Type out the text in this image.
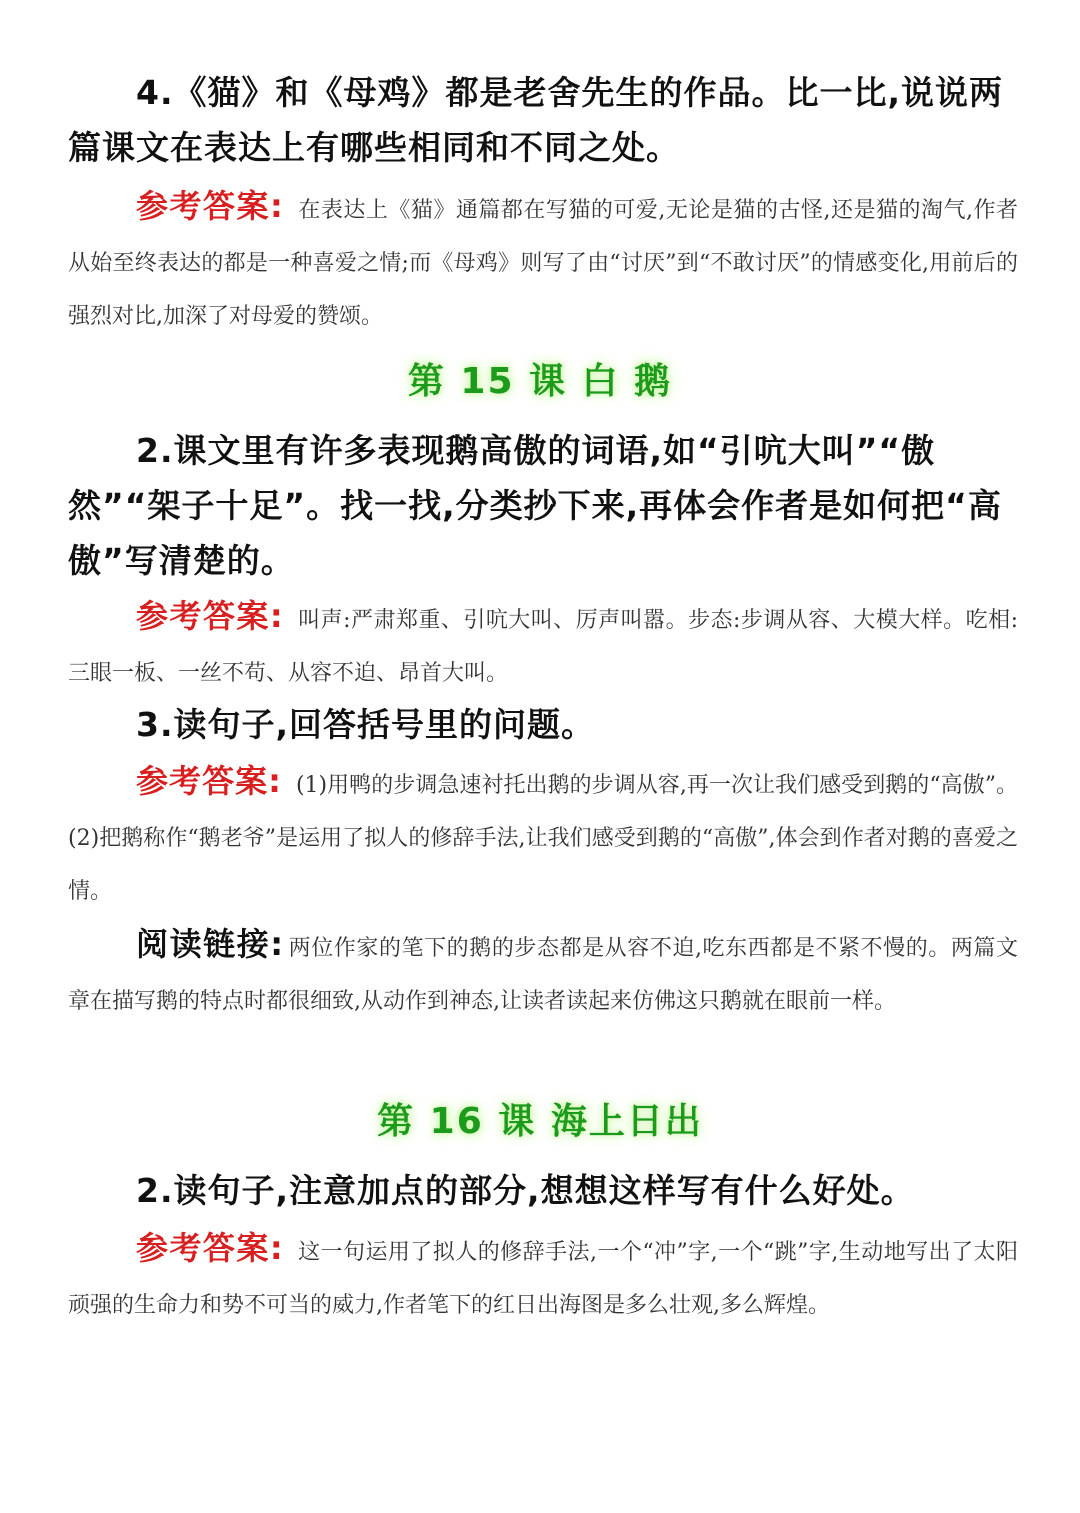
4.《猫》和《母鸡》都是老舍先生的作品。比一比,说说两篇课文在表达上有哪些相同和不同之处。
参考答案: 在表达上《猫》通篇都在写猫的可爱,无论是猫的古怪,还是猫的淘气,作者从始至终表达的都是一种喜爱之情;而《母鸡》则写了由“讨厌”到“不敢讨厌”的情感变化,用前后的强烈对比,加深了对母爱的赞颂。
第 15 课 白 鹅
2.课文里有许多表现鹅高傲的词语,如“引吭大叫”“傲然”“架子十足”。找一找,分类抄下来,再体会作者是如何把“高傲”写清楚的。
参考答案: 叫声:严肃郑重、引吭大叫、厉声叫嚣。步态:步调从容、大模大样。吃相:三眼一板、一丝不苟、从容不迫、昂首大叫。
3.读句子,回答括号里的问题。
参考答案: (1)用鸭的步调急速衬托出鹅的步调从容,再一次让我们感受到鹅的“高傲”。(2)把鹅称作“鹅老爷”是运用了拟人的修辞手法,让我们感受到鹅的“高傲”,体会到作者对鹅的喜爱之情。
阅读链接: 两位作家的笔下的鹅的步态都是从容不迫,吃东西都是不紧不慢的。两篇文章在描写鹅的特点时都很细致,从动作到神态,让读者读起来仿佛这只鹅就在眼前一样。
第 16 课 海上日出
2.读句子,注意加点的部分,想想这样写有什么好处。
参考答案: 这一句运用了拟人的修辞手法,一个“冲”字,一个“跳”字,生动地写出了太阳顽强的生命力和势不可当的威力,作者笔下的红日出海图是多么壮观,多么辉煌。
